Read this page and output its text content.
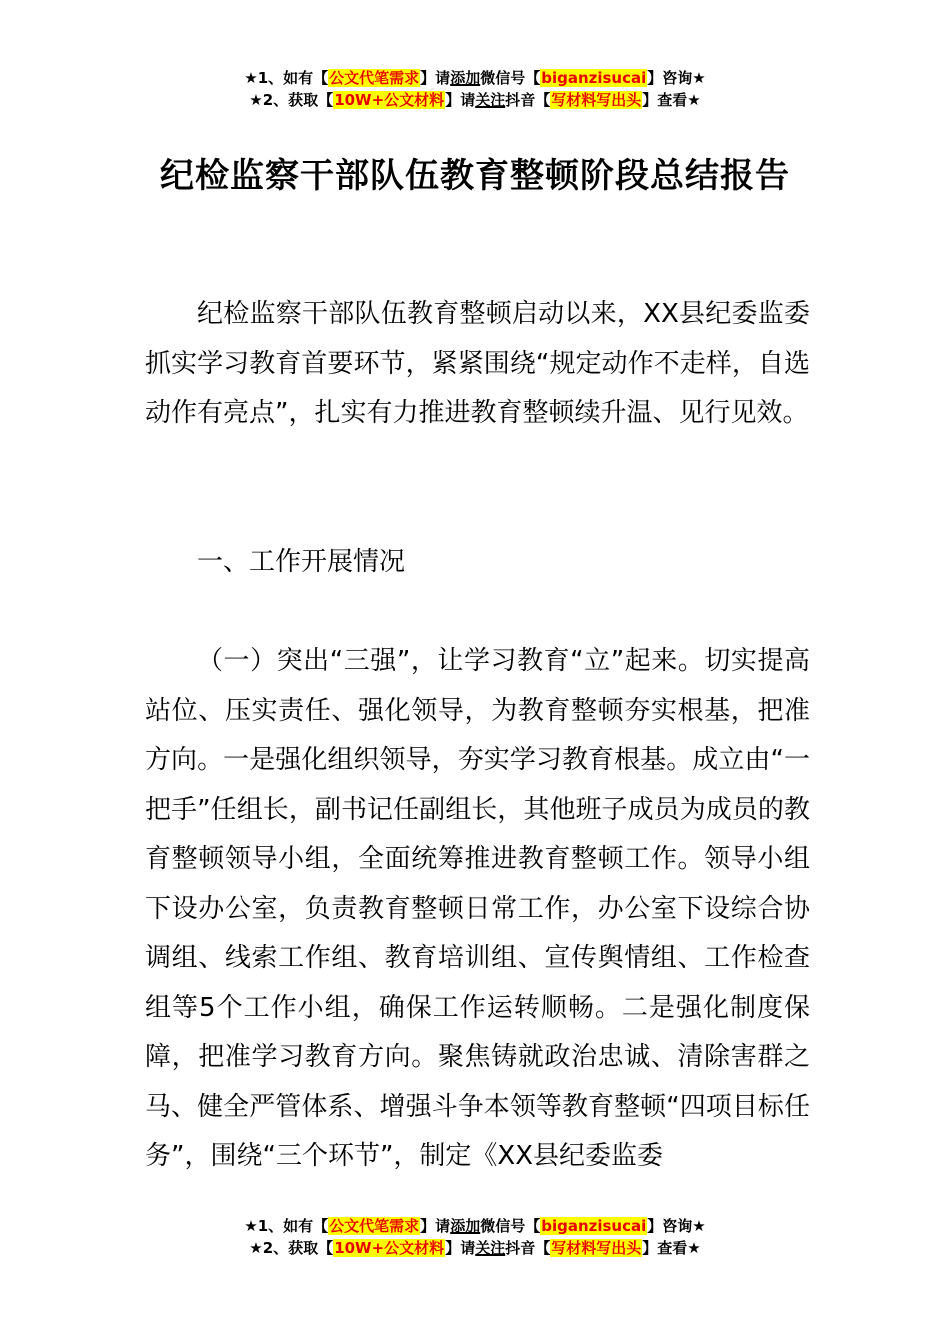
★1、如有【公文代笔需求】请添加微信号【biganzisucai】咨询★
★2、获取【10W+公文材料】请关注抖音【写材料写出头】查看★
纪检监察干部队伍教育整顿阶段总结报告

纪检监察干部队伍教育整顿启动以来，XX县纪委监委抓实学习教育首要环节，紧紧围绕“规定动作不走样，自选动作有亮点”，扎实有力推进教育整顿续升温、见行见效。

一、工作开展情况

（一）突出“三强”，让学习教育“立”起来。切实提高站位、压实责任、强化领导，为教育整顿夯实根基，把准方向。一是强化组织领导，夯实学习教育根基。成立由“一把手”任组长，副书记任副组长，其他班子成员为成员的教育整顿领导小组，全面统筹推进教育整顿工作。领导小组下设办公室，负责教育整顿日常工作，办公室下设综合协调组、线索工作组、教育培训组、宣传舆情组、工作检查组等5个工作小组，确保工作运转顺畅。二是强化制度保障，把准学习教育方向。聚焦铸就政治忠诚、清除害群之马、健全严管体系、增强斗争本领等教育整顿“四项目标任务”，围绕“三个环节”，制定《XX县纪委监委

★1、如有【公文代笔需求】请添加微信号【biganzisucai】咨询★
★2、获取【10W+公文材料】请关注抖音【写材料写出头】查看★
